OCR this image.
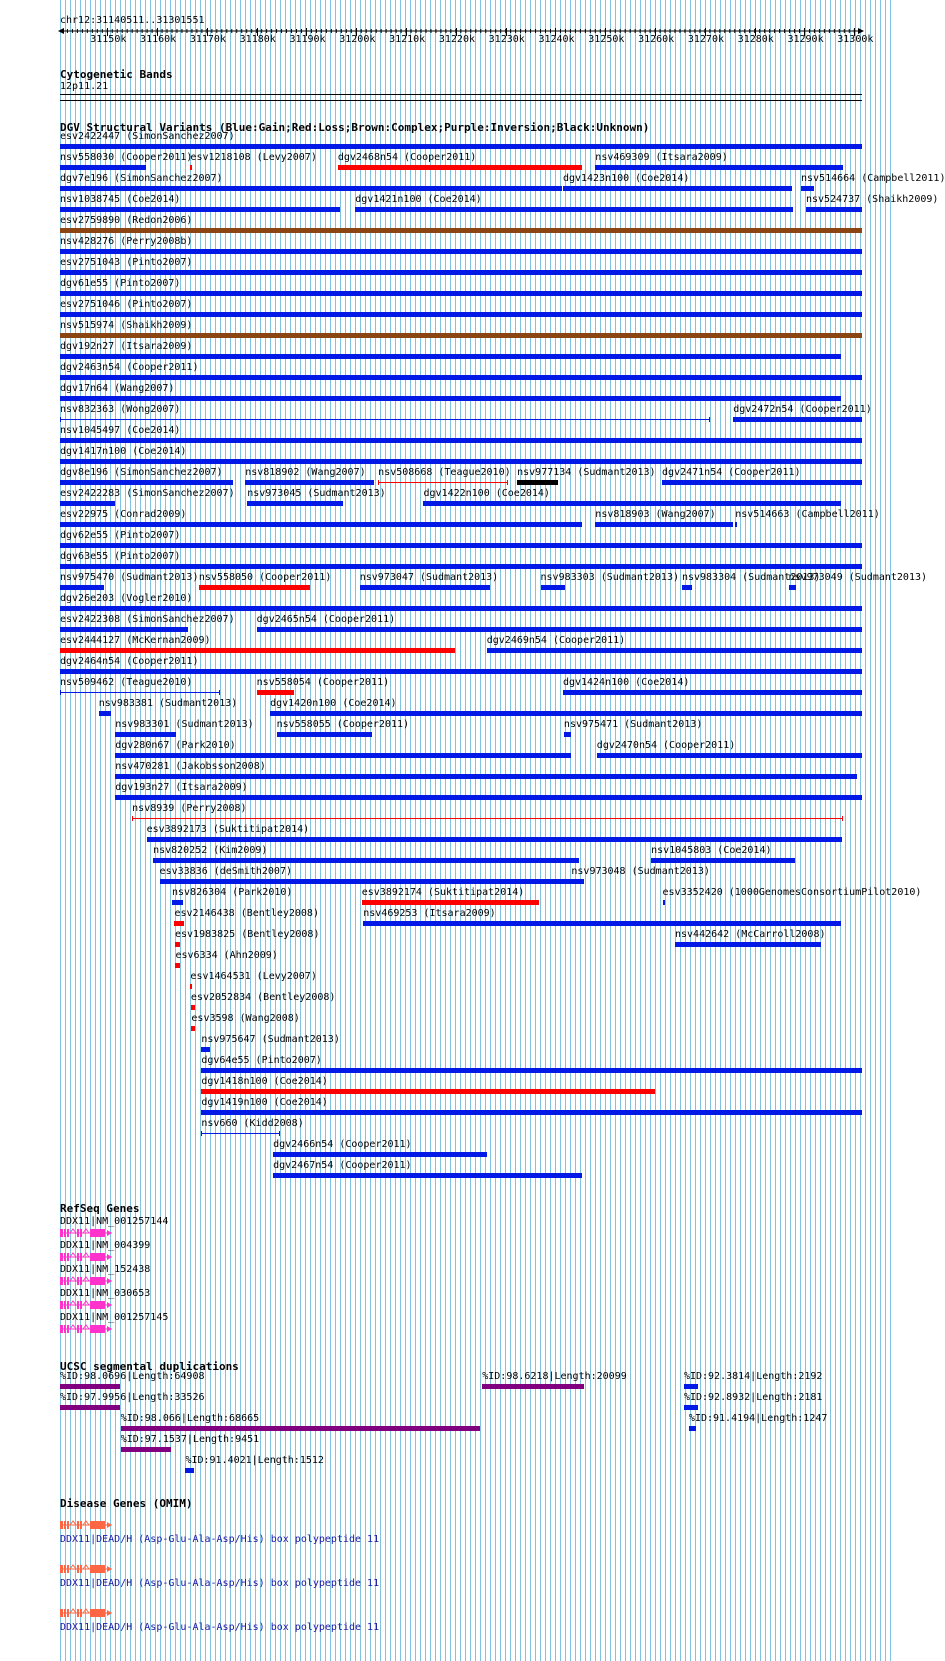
chr12:31140511..31301551
31150k 31160k 31170k 31180k 31190k 31200k 31210k 31220k 31230k 31240k 31250k 31260k 31270k 31280k 31290k 31300k
Cytogenetic Bands
12p11.21
DGV Structural Variants (Blue:Gain;Red:Loss;Brown:Complex;Purple:Inversion;Black:Unknown)
esv2422447 (SimonSanchez2007)
nsv558030 (Cooper2011)
esv1218108 (Levy2007) dgv2468n54 (Cooper2011)	nsv469309 (Itsara2009)
dgv7e196 (SimonSanchez2007)	dgv1423n100 (Coe2014)	nsv514664 (Campbell2011)
nsv1038745 (Coe2014)	dgv1421n100 (Coe2014)	nsv524737 (Shaikh2009)
esv2759890 (Redon2006)
nsv428276 (Perry2008b)
esv2751043 (Pinto2007)
dgv61e55 (Pinto2007)
esv2751046 (Pinto2007)
nsv515974 (Shaikh2009)
dgv192n27 (Itsara2009)
dgv2463n54 (Cooper2011)
dgv17n64 (Wang2007)
nsv832363 (Wong2007)	dgv2472n54 (Cooper2011)
nsv1045497 (Coe2014)
dgv1417n100 (Coe2014)
dgv8e196 (SimonSanchez2007) nsv818902 (Wang2007) nsv508668 (Teague2010) nsv977134 (Sudmant2013) dgv2471n54 (Cooper2011)
esv2422283 (SimonSanchez2007) nsv973045 (Sudmant2013)	dgv1422n100 (Coe2014)
esv22975 (Conrad2009)	nsv818903 (Wang2007) nsv514663 (Campbell2011)
dgv62e55 (Pinto2007)
dgv63e55 (Pinto2007)
nsv975470 (Sudmant2013) nsv558050 (Cooper2011)	nsv973047 (Sudmant2013)	nsv983303 (Sudmant2013) nsv983304 (Sudmant2013)
nsv973049 (Sudmant2013)
dgv26e203 (Vogler2010)
esv2422308 (SimonSanchez2007) dgv2465n54 (Cooper2011)
esv2444127 (McKernan2009)	dgv2469n54 (Cooper2011)
dgv2464n54 (Cooper2011)
nsv509462 (Teague2010)	nsv558054 (Cooper2011)	dgv1424n100 (Coe2014)
nsv983381 (Sudmant2013)	dgv1420n100 (Coe2014)
nsv983301 (Sudmant2013) nsv558055 (Cooper2011)	nsv975471 (Sudmant2013)
dgv280n67 (Park2010)	dgv2470n54 (Cooper2011)
nsv470281 (Jakobsson2008)
dgv193n27 (Itsara2009)
nsv8939 (Perry2008)
esv3892173 (Suktitipat2014)
nsv820252 (Kim2009)	nsv1045803 (Coe2014)
esv33836 (deSmith2007)	nsv973048 (Sudmant2013)
nsv826304 (Park2010)	esv3892174 (Suktitipat2014)	esv3352420 (1000GenomesConsortiumPilot2010)
esv2146438 (Bentley2008)	nsv469253 (Itsara2009)
esv1983825 (Bentley2008)	nsv442642 (McCarroll2008)
esv6334 (Ahn2009)
esv1464531 (Levy2007)
esv2052834 (Bentley2008)
esv3598 (Wang2008)
nsv975647 (Sudmant2013)
dgv64e55 (Pinto2007)
dgv1418n100 (Coe2014)
dgv1419n100 (Coe2014)
nsv660 (Kidd2008)
dgv2466n54 (Cooper2011)
dgv2467n54 (Cooper2011)
RefSeq Genes
DDX11|NM_001257144
DDX11|NM_004399
DDX11|NM_152438
DDX11|NM_030653
DDX11|NM_001257145
UCSC segmental duplications
%ID:98.0696|Length:64908	%ID:98.6218|Length:20099	%ID:92.3814|Length:2192
%ID:97.9956|Length:33526	%ID:92.8932|Length:2181
%ID:98.066|Length:68665	%ID:91.4194|Length:1247
%ID:97.1537|Length:9451
%ID:91.4021|Length:1512
Disease Genes (OMIM)
DDX11|DEAD/H (Asp-Glu-Ala-Asp/His) box polypeptide 11
DDX11|DEAD/H (Asp-Glu-Ala-Asp/His) box polypeptide 11
DDX11|DEAD/H (Asp-Glu-Ala-Asp/His) box polypeptide 11
